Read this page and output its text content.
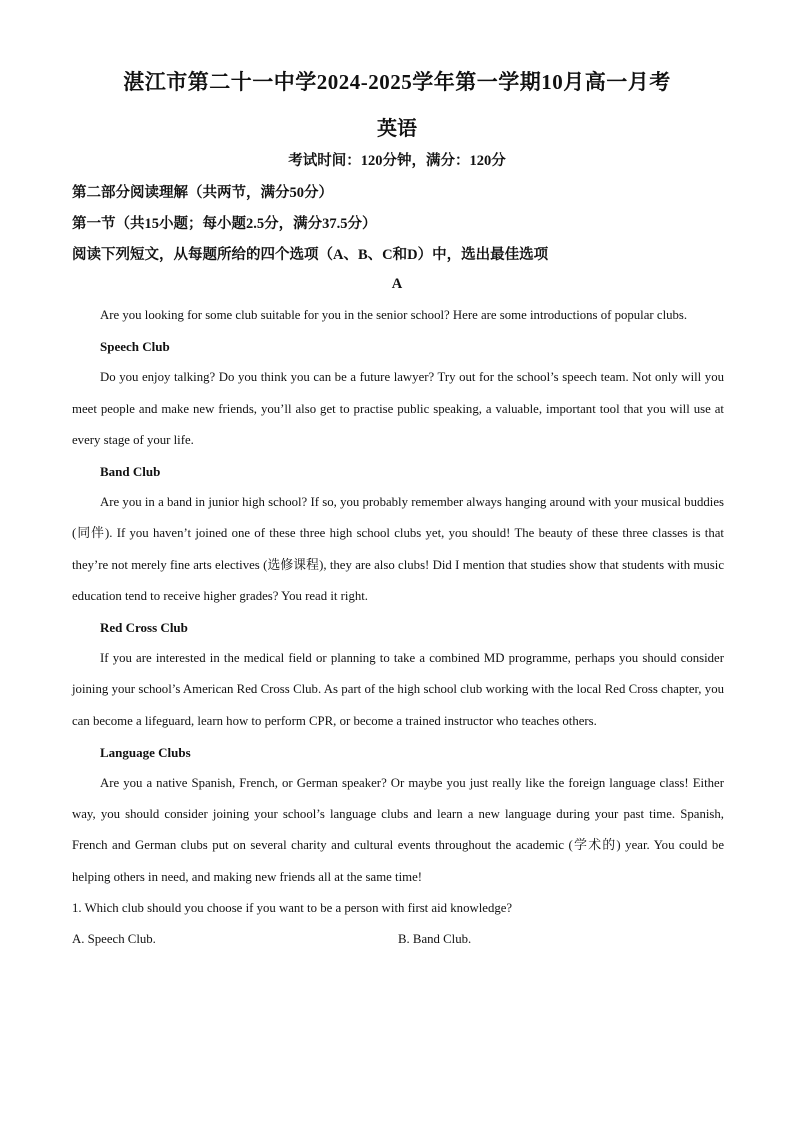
湛江市第二十一中学2024-2025学年第一学期10月高一月考
英语
考试时间：120分钟，满分：120分
第二部分阅读理解（共两节，满分50分）
第一节（共15小题；每小题2.5分，满分37.5分）
阅读下列短文，从每题所给的四个选项（A、B、C和D）中，选出最佳选项
A

Are you looking for some club suitable for you in the senior school? Here are some introductions of popular clubs.

Speech Club

Do you enjoy talking? Do you think you can be a future lawyer? Try out for the school’s speech team. Not only will you meet people and make new friends, you’ll also get to practise public speaking, a valuable, important tool that you will use at every stage of your life.

Band Club

Are you in a band in junior high school? If so, you probably remember always hanging around with your musical buddies (同伴). If you haven’t joined one of these three high school clubs yet, you should! The beauty of these three classes is that they’re not merely fine arts electives (选修课程), they are also clubs! Did I mention that studies show that students with music education tend to receive higher grades? You read it right.

Red Cross Club

If you are interested in the medical field or planning to take a combined MD programme, perhaps you should consider joining your school’s American Red Cross Club. As part of the high school club working with the local Red Cross chapter, you can become a lifeguard, learn how to perform CPR, or become a trained instructor who teaches others.

Language Clubs

Are you a native Spanish, French, or German speaker? Or maybe you just really like the foreign language class! Either way, you should consider joining your school’s language clubs and learn a new language during your past time. Spanish, French and German clubs put on several charity and cultural events throughout the academic (学术的) year. You could be helping others in need, and making new friends all at the same time!

1. Which club should you choose if you want to be a person with first aid knowledge?
A. Speech Club.	B. Band Club.
